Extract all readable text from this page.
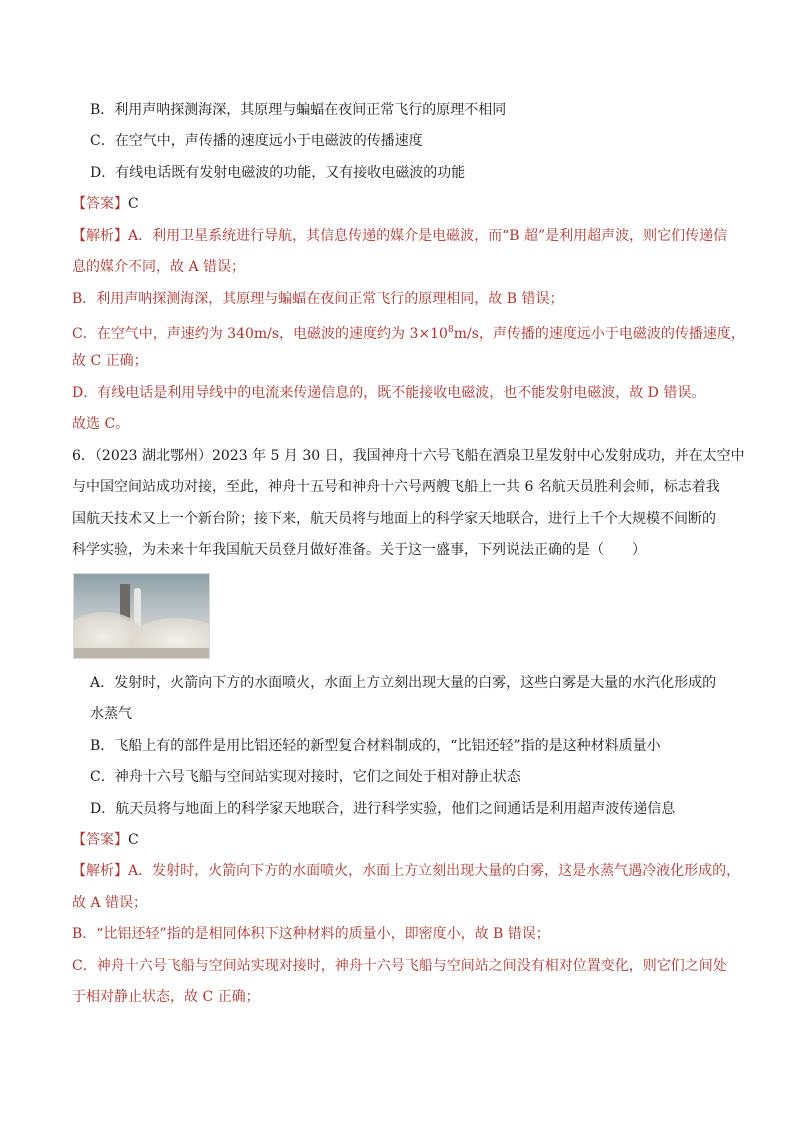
B．利用声呐探测海深，其原理与蝙蝠在夜间正常飞行的原理不相同
C．在空气中，声传播的速度远小于电磁波的传播速度
D．有线电话既有发射电磁波的功能，又有接收电磁波的功能
【答案】C
【解析】A．利用卫星系统进行导航，其信息传递的媒介是电磁波，而“B 超”是利用超声波，则它们传递信
息的媒介不同，故 A 错误；
B．利用声呐探测海深，其原理与蝙蝠在夜间正常飞行的原理相同，故 B 错误；
C．在空气中，声速约为 340m/s，电磁波的速度约为 $3\times 10^8m/s$，声传播的速度远小于电磁波的传播速度，
故 C 正确；
D．有线电话是利用导线中的电流来传递信息的，既不能接收电磁波，也不能发射电磁波，故 D 错误。
故选 C。
6．（2023 湖北鄂州）2023 年 5 月 30 日，我国神舟十六号飞船在酒泉卫星发射中心发射成功，并在太空中
与中国空间站成功对接，至此，神舟十五号和神舟十六号两艘飞船上一共 6 名航天员胜利会师，标志着我
国航天技术又上一个新台阶；接下来，航天员将与地面上的科学家天地联合，进行上千个大规模不间断的
科学实验，为未来十年我国航天员登月做好准备。关于这一盛事，下列说法正确的是（　　）
A．发射时，火箭向下方的水面喷火，水面上方立刻出现大量的白雾，这些白雾是大量的水汽化形成的
水蒸气
B．飞船上有的部件是用比铝还轻的新型复合材料制成的，“比铝还轻”指的是这种材料质量小
C．神舟十六号飞船与空间站实现对接时，它们之间处于相对静止状态
D．航天员将与地面上的科学家天地联合，进行科学实验，他们之间通话是利用超声波传递信息
【答案】C
【解析】A．发射时，火箭向下方的水面喷火，水面上方立刻出现大量的白雾，这是水蒸气遇冷液化形成的，
故 A 错误；
B．“比铝还轻”指的是相同体积下这种材料的质量小，即密度小，故 B 错误；
C．神舟十六号飞船与空间站实现对接时，神舟十六号飞船与空间站之间没有相对位置变化，则它们之间处
于相对静止状态，故 C 正确；
